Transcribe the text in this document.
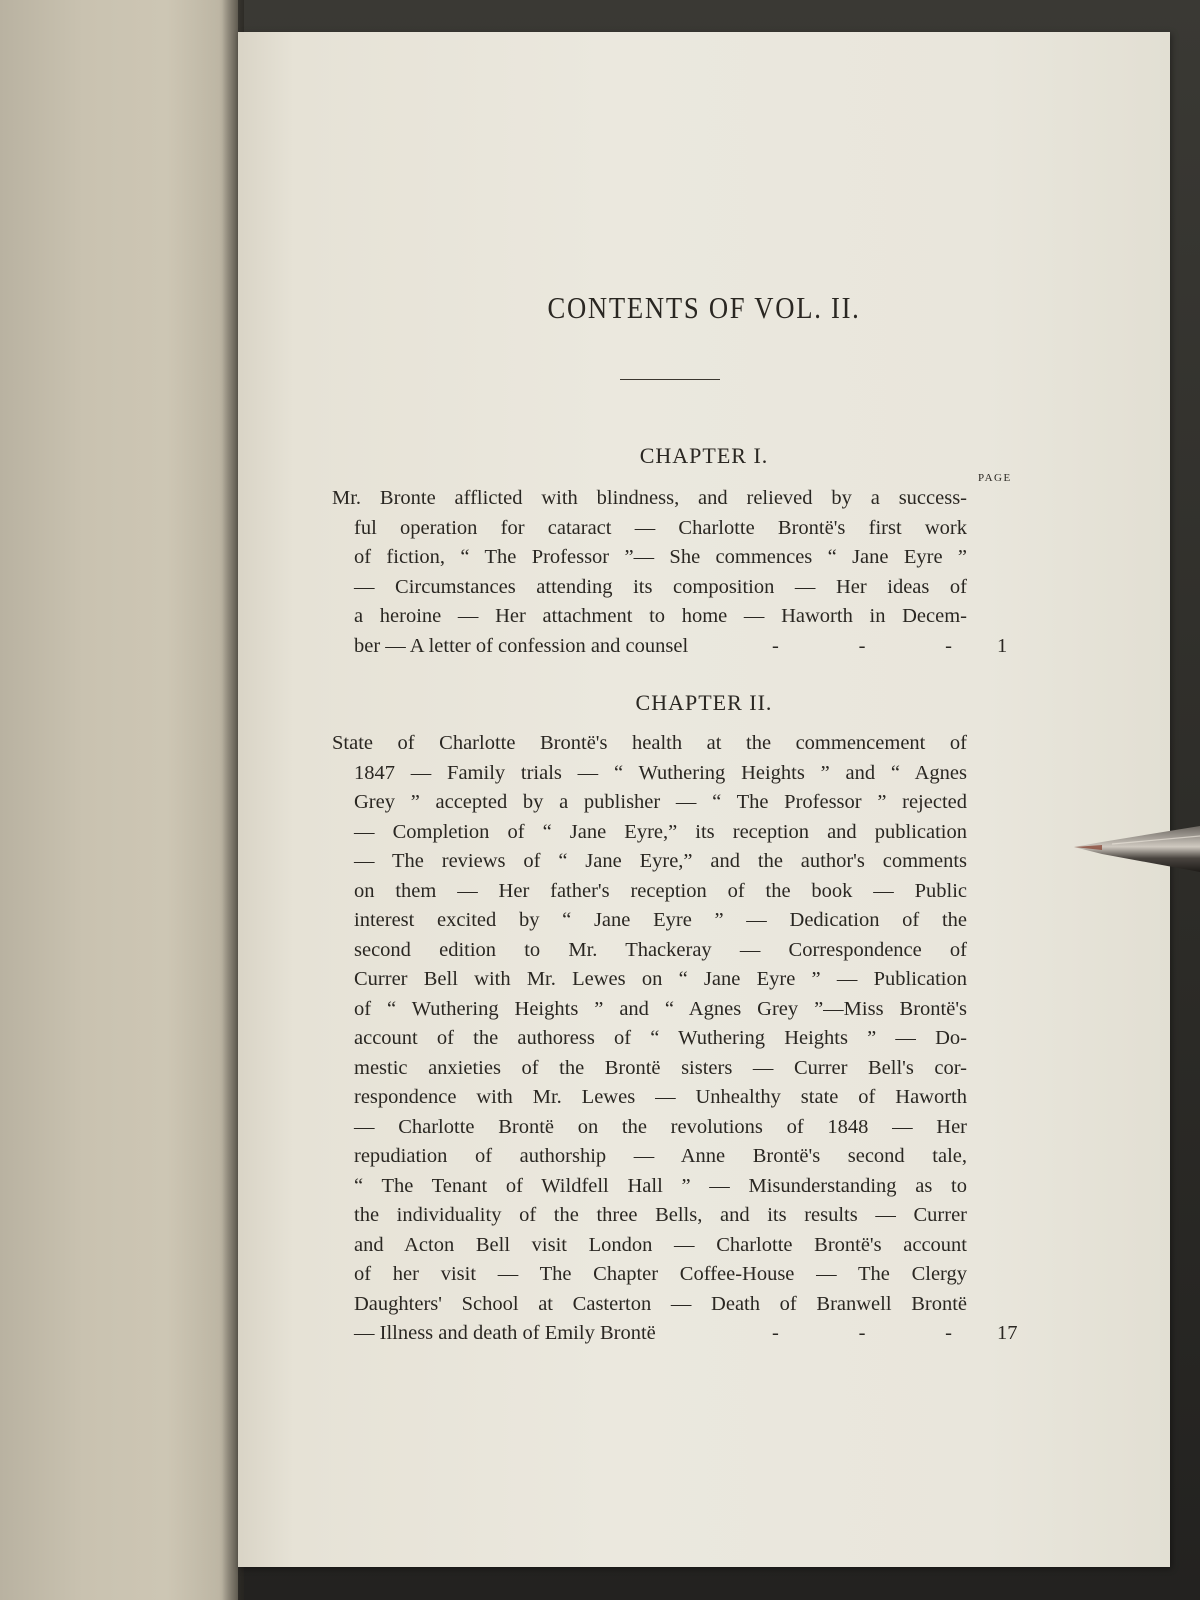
CONTENTS OF VOL. II.
CHAPTER I.
PAGE
Mr. Bronte afflicted with blindness, and relieved by a success-
ful operation for cataract — Charlotte Brontë's first work
of fiction, “ The Professor ”— She commences “ Jane Eyre ”
— Circumstances attending its composition — Her ideas of
a heroine — Her attachment to home — Haworth in Decem-
ber — A letter of confession and counsel	-	-	- 1
CHAPTER II.
State of Charlotte Brontë's health at the commencement of
1847 — Family trials — “ Wuthering Heights ” and “ Agnes
Grey ” accepted by a publisher — “ The Professor ” rejected
— Completion of “ Jane Eyre,” its reception and publication
— The reviews of “ Jane Eyre,” and the author's comments
on them — Her father's reception of the book — Public
interest excited by “ Jane Eyre ” — Dedication of the
second edition to Mr. Thackeray — Correspondence of
Currer Bell with Mr. Lewes on “ Jane Eyre ” — Publication
of “ Wuthering Heights ” and “ Agnes Grey ”—Miss Brontë's
account of the authoress of “ Wuthering Heights ” — Do-
mestic anxieties of the Brontë sisters — Currer Bell's cor-
respondence with Mr. Lewes — Unhealthy state of Haworth
— Charlotte Brontë on the revolutions of 1848 — Her
repudiation of authorship — Anne Brontë's second tale,
“ The Tenant of Wildfell Hall ” — Misunderstanding as to
the individuality of the three Bells, and its results — Currer
and Acton Bell visit London — Charlotte Brontë's account
of her visit — The Chapter Coffee-House — The Clergy
Daughters' School at Casterton — Death of Branwell Brontë
— Illness and death of Emily Brontë	-	-	- 17
